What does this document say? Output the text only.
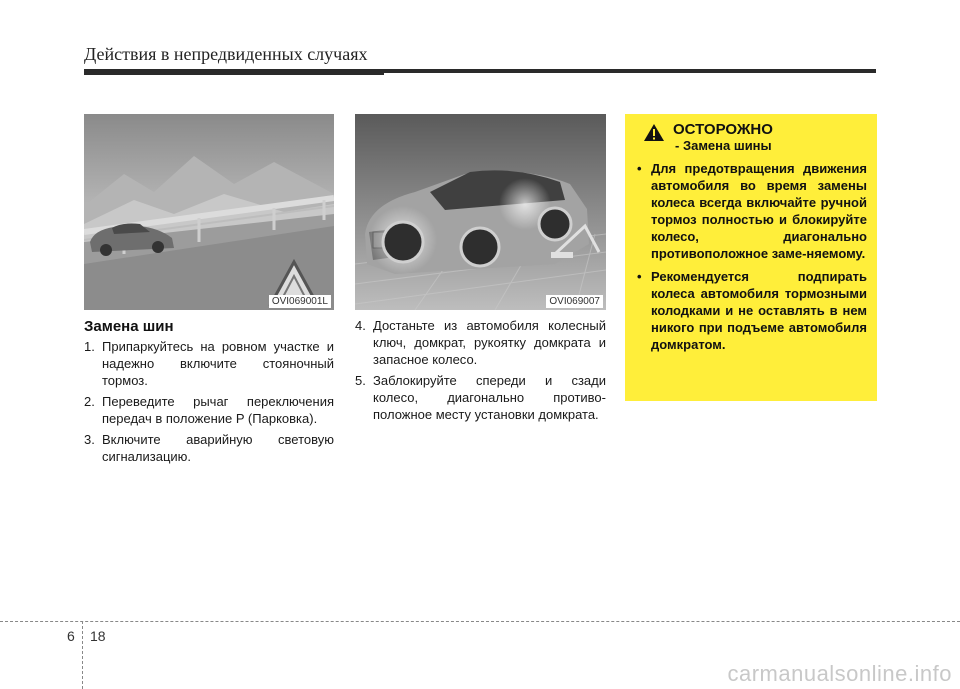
Действия в непредвиденных случаях
OVI069001L	OVI069007
Замена шин
1. Припаркуйтесь на ровном участке и надежно включите стояночный тормоз.
2. Переведите рычаг переключения передач в положение P (Парковка).
3. Включите аварийную световую сигнализацию.
4. Достаньте из автомобиля колесный ключ, домкрат, рукоятку домкрата и запасное колесо.
5. Заблокируйте спереди и сзади колесо, диагонально противо-положное месту установки домкрата.
ОСТОРОЖНО
- Замена шины
• Для предотвращения движения автомобиля во время замены колеса всегда включайте ручной тормоз полностью и блокируйте колесо, диагонально противоположное заме-няемому.
• Рекомендуется подпирать колеса автомобиля тормозными колодками и не оставлять в нем никого при подъеме автомобиля домкратом.
6 18
carmanualsonline.info
